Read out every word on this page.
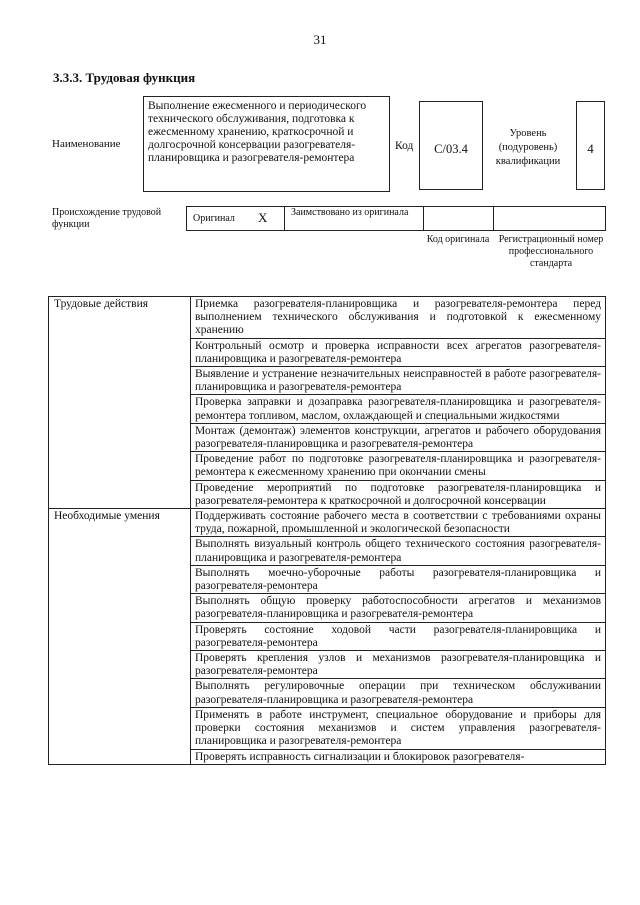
31
3.3.3. Трудовая функция
Наименование
Выполнение ежесменного и периодического технического обслуживания, подготовка к ежесменному хранению, краткосрочной и долгосрочной консервации разогревателя-планировщика и разогревателя-ремонтера
Код	C/03.4
Уровень (подуровень) квалификации
4
Происхождение трудовой функции
Оригинал X Заимствовано из оригинала
Код оригинала Регистрационный номер профессионального стандарта
Трудовые действия	Приемка разогревателя-планировщика и разогревателя-ремонтера перед выполнением технического обслуживания и подготовкой к ежесменному хранению
	Контрольный осмотр и проверка исправности всех агрегатов разогревателя-планировщика и разогревателя-ремонтера
	Выявление и устранение незначительных неисправностей в работе разогревателя-планировщика и разогревателя-ремонтера
	Проверка заправки и дозаправка разогревателя-планировщика и разогревателя-ремонтера топливом, маслом, охлаждающей и специальными жидкостями
	Монтаж (демонтаж) элементов конструкции, агрегатов и рабочего оборудования разогревателя-планировщика и разогревателя-ремонтера
	Проведение работ по подготовке разогревателя-планировщика и разогревателя-ремонтера к ежесменному хранению при окончании смены
	Проведение мероприятий по подготовке разогревателя-планировщика и разогревателя-ремонтера к краткосрочной и долгосрочной консервации
Необходимые умения	Поддерживать состояние рабочего места в соответствии с требованиями охраны труда, пожарной, промышленной и экологической безопасности
	Выполнять визуальный контроль общего технического состояния разогревателя-планировщика и разогревателя-ремонтера
	Выполнять моечно-уборочные работы разогревателя-планировщика и разогревателя-ремонтера
	Выполнять общую проверку работоспособности агрегатов и механизмов разогревателя-планировщика и разогревателя-ремонтера
	Проверять состояние ходовой части разогревателя-планировщика и разогревателя-ремонтера
	Проверять крепления узлов и механизмов разогревателя-планировщика и разогревателя-ремонтера
	Выполнять регулировочные операции при техническом обслуживании разогревателя-планировщика и разогревателя-ремонтера
	Применять в работе инструмент, специальное оборудование и приборы для проверки состояния механизмов и систем управления разогревателя-планировщика и разогревателя-ремонтера
	Проверять исправность сигнализации и блокировок разогревателя-
